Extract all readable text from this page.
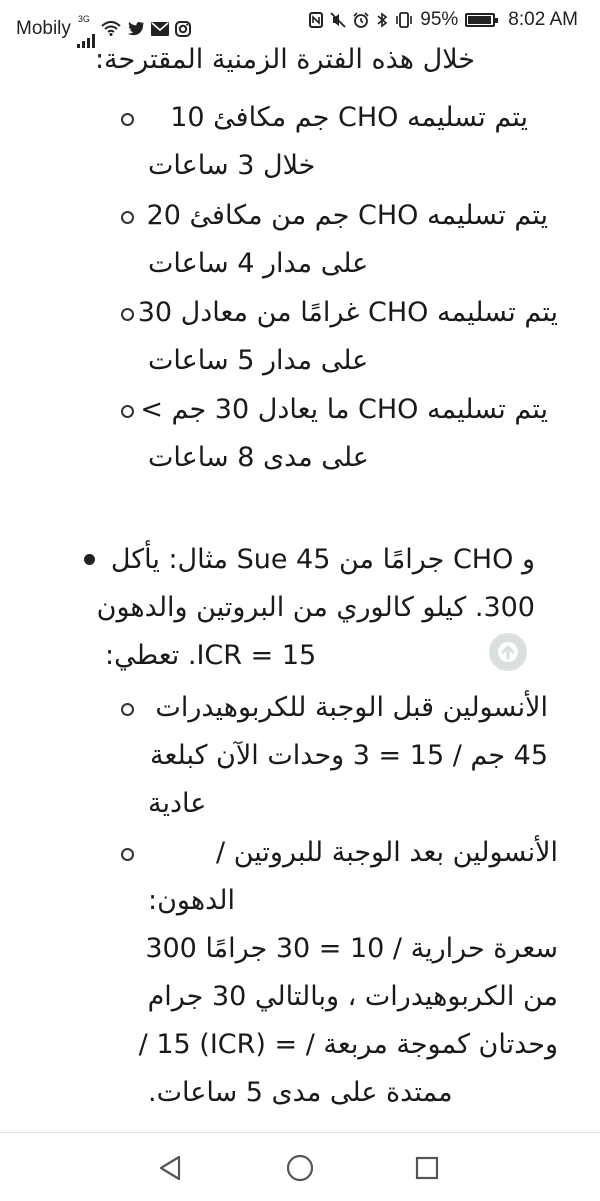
Mobily $^{3G}$	95%	8:02 AM
خلال هذه الفترة الزمنية المقترحة:
يتم تسليمه CHO جم مكافئ 10
خلال 3 ساعات
يتم تسليمه CHO جم من مكافئ 20
على مدار 4 ساعات
يتم تسليمه CHO غرامًا من معادل 30
على مدار 5 ساعات
يتم تسليمه CHO ما يعادل 30 جم >
على مدى 8 ساعات
و CHO جرامًا من 45 Sue مثال: يأكل
300. كيلو كالوري من البروتين والدهون
ICR = 15. تعطي:
الأنسولين قبل الوجبة للكربوهيدرات
45 جم / 15 = 3 وحدات الآن كبلعة
عادية
الأنسولين بعد الوجبة للبروتين /
الدهون:
سعرة حرارية / 10 = 30 جرامًا 300
من الكربوهيدرات ، وبالتالي 30 جرام
وحدتان كموجة مربعة / = (ICR) 15 /
ممتدة على مدى 5 ساعات.
